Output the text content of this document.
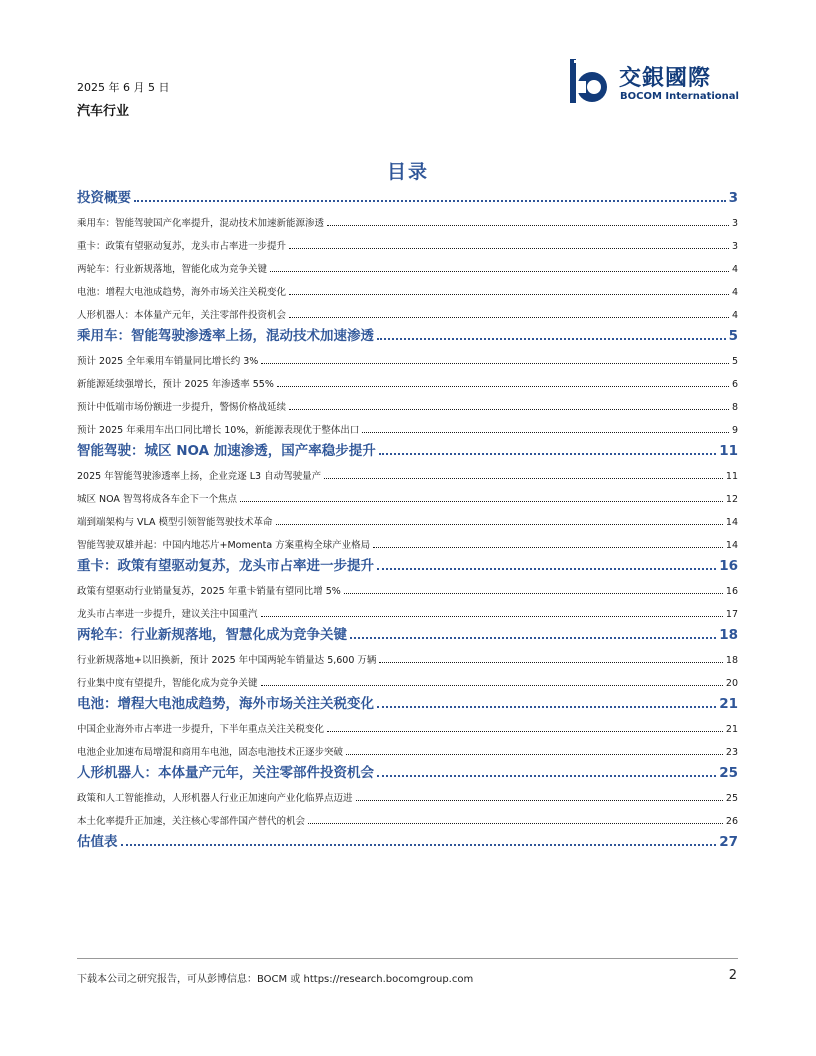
2025 年 6 月 5 日
汽车行业
交銀國際
BOCOM International
目录
投资概要	3
乘用车：智能驾驶国产化率提升，混动技术加速新能源渗透	3
重卡：政策有望驱动复苏，龙头市占率进一步提升	3
两轮车：行业新规落地，智能化成为竞争关键	4
电池：增程大电池成趋势，海外市场关注关税变化	4
人形机器人：本体量产元年，关注零部件投资机会	4
乘用车：智能驾驶渗透率上扬，混动技术加速渗透	5
预计 2025 全年乘用车销量同比增长约 3%	5
新能源延续强增长，预计 2025 年渗透率 55%	6
预计中低端市场份额进一步提升，警惕价格战延续	8
预计 2025 年乘用车出口同比增长 10%，新能源表现优于整体出口	9
智能驾驶：城区 NOA 加速渗透，国产率稳步提升	11
2025 年智能驾驶渗透率上扬，企业竞逐 L3 自动驾驶量产	11
城区 NOA 智驾将成各车企下一个焦点	12
端到端架构与 VLA 模型引领智能驾驶技术革命	14
智能驾驶双雄并起：中国内地芯片+Momenta 方案重构全球产业格局	14
重卡：政策有望驱动复苏，龙头市占率进一步提升	16
政策有望驱动行业销量复苏，2025 年重卡销量有望同比增 5%	16
龙头市占率进一步提升，建议关注中国重汽	17
两轮车：行业新规落地，智慧化成为竞争关键	18
行业新规落地+以旧换新，预计 2025 年中国两轮车销量达 5,600 万辆	18
行业集中度有望提升，智能化成为竞争关键	20
电池：增程大电池成趋势，海外市场关注关税变化	21
中国企业海外市占率进一步提升，下半年重点关注关税变化	21
电池企业加速布局增混和商用车电池，固态电池技术正逐步突破	23
人形机器人：本体量产元年，关注零部件投资机会	25
政策和人工智能推动，人形机器人行业正加速向产业化临界点迈进	25
本土化率提升正加速，关注核心零部件国产替代的机会	26
估值表	27
下载本公司之研究报告，可从彭博信息：BOCM 或 https://research.bocomgroup.com	2
